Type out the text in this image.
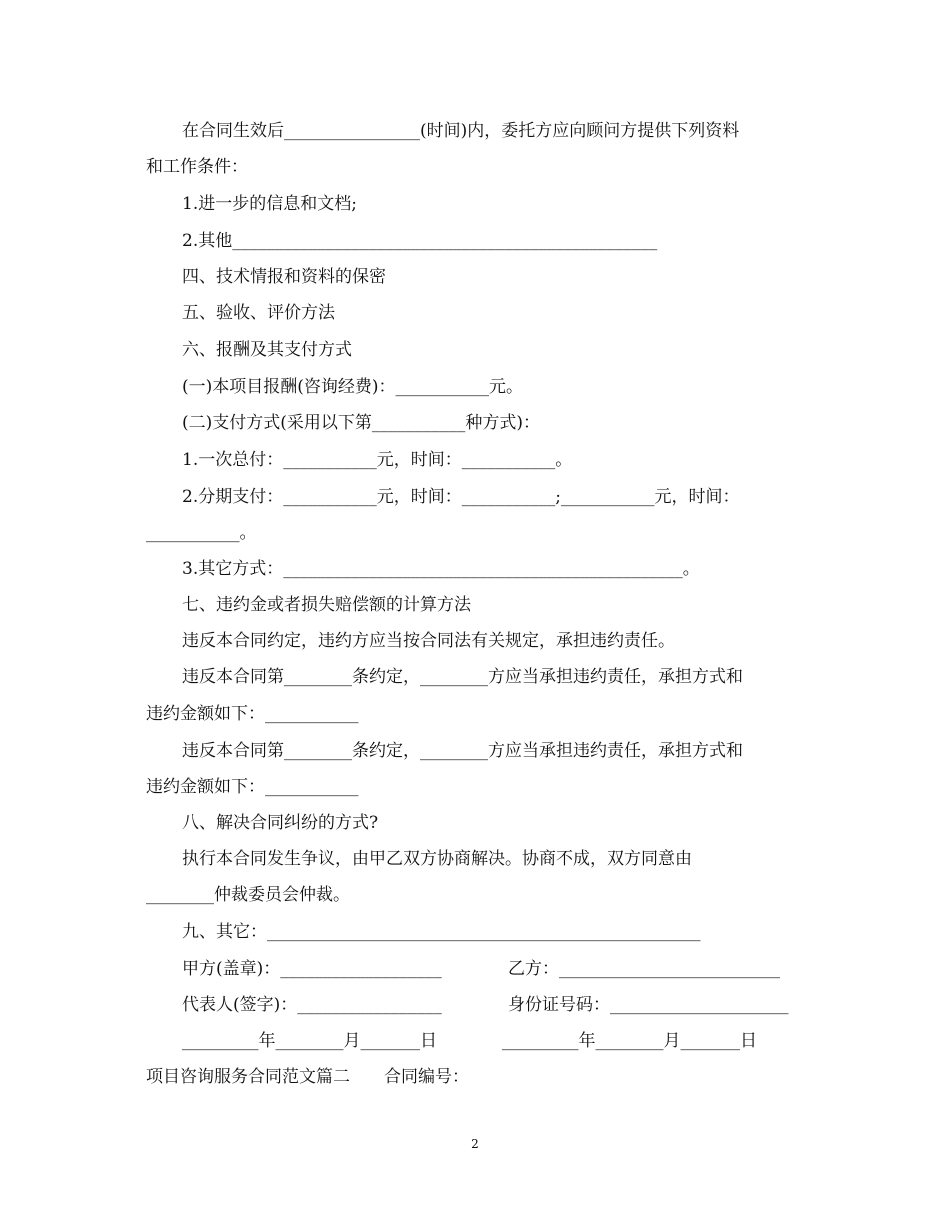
在合同生效后________________(时间)内，委托方应向顾问方提供下列资料
和工作条件：
1.进一步的信息和文档;
2.其他__________________________________________________
四、技术情报和资料的保密
五、验收、评价方法
六、报酬及其支付方式
(一)本项目报酬(咨询经费)：___________元。
(二)支付方式(采用以下第___________种方式)：
1.一次总付：___________元，时间：___________。
2.分期支付：___________元，时间：___________;___________元，时间：
___________。
3.其它方式：_______________________________________________。
七、违约金或者损失赔偿额的计算方法
违反本合同约定，违约方应当按合同法有关规定，承担违约责任。
违反本合同第________条约定，________方应当承担违约责任，承担方式和
违约金额如下：___________
违反本合同第________条约定，________方应当承担违约责任，承担方式和
违约金额如下：___________
八、解决合同纠纷的方式?
执行本合同发生争议，由甲乙双方协商解决。协商不成，双方同意由
________仲裁委员会仲裁。
九、其它：___________________________________________________
甲方(盖章)：___________________	乙方：__________________________
代表人(签字)：_________________	身份证号码：_____________________
_________年________月_______日	_________年________月_______日
项目咨询服务合同范文篇二　　合同编号：
2
